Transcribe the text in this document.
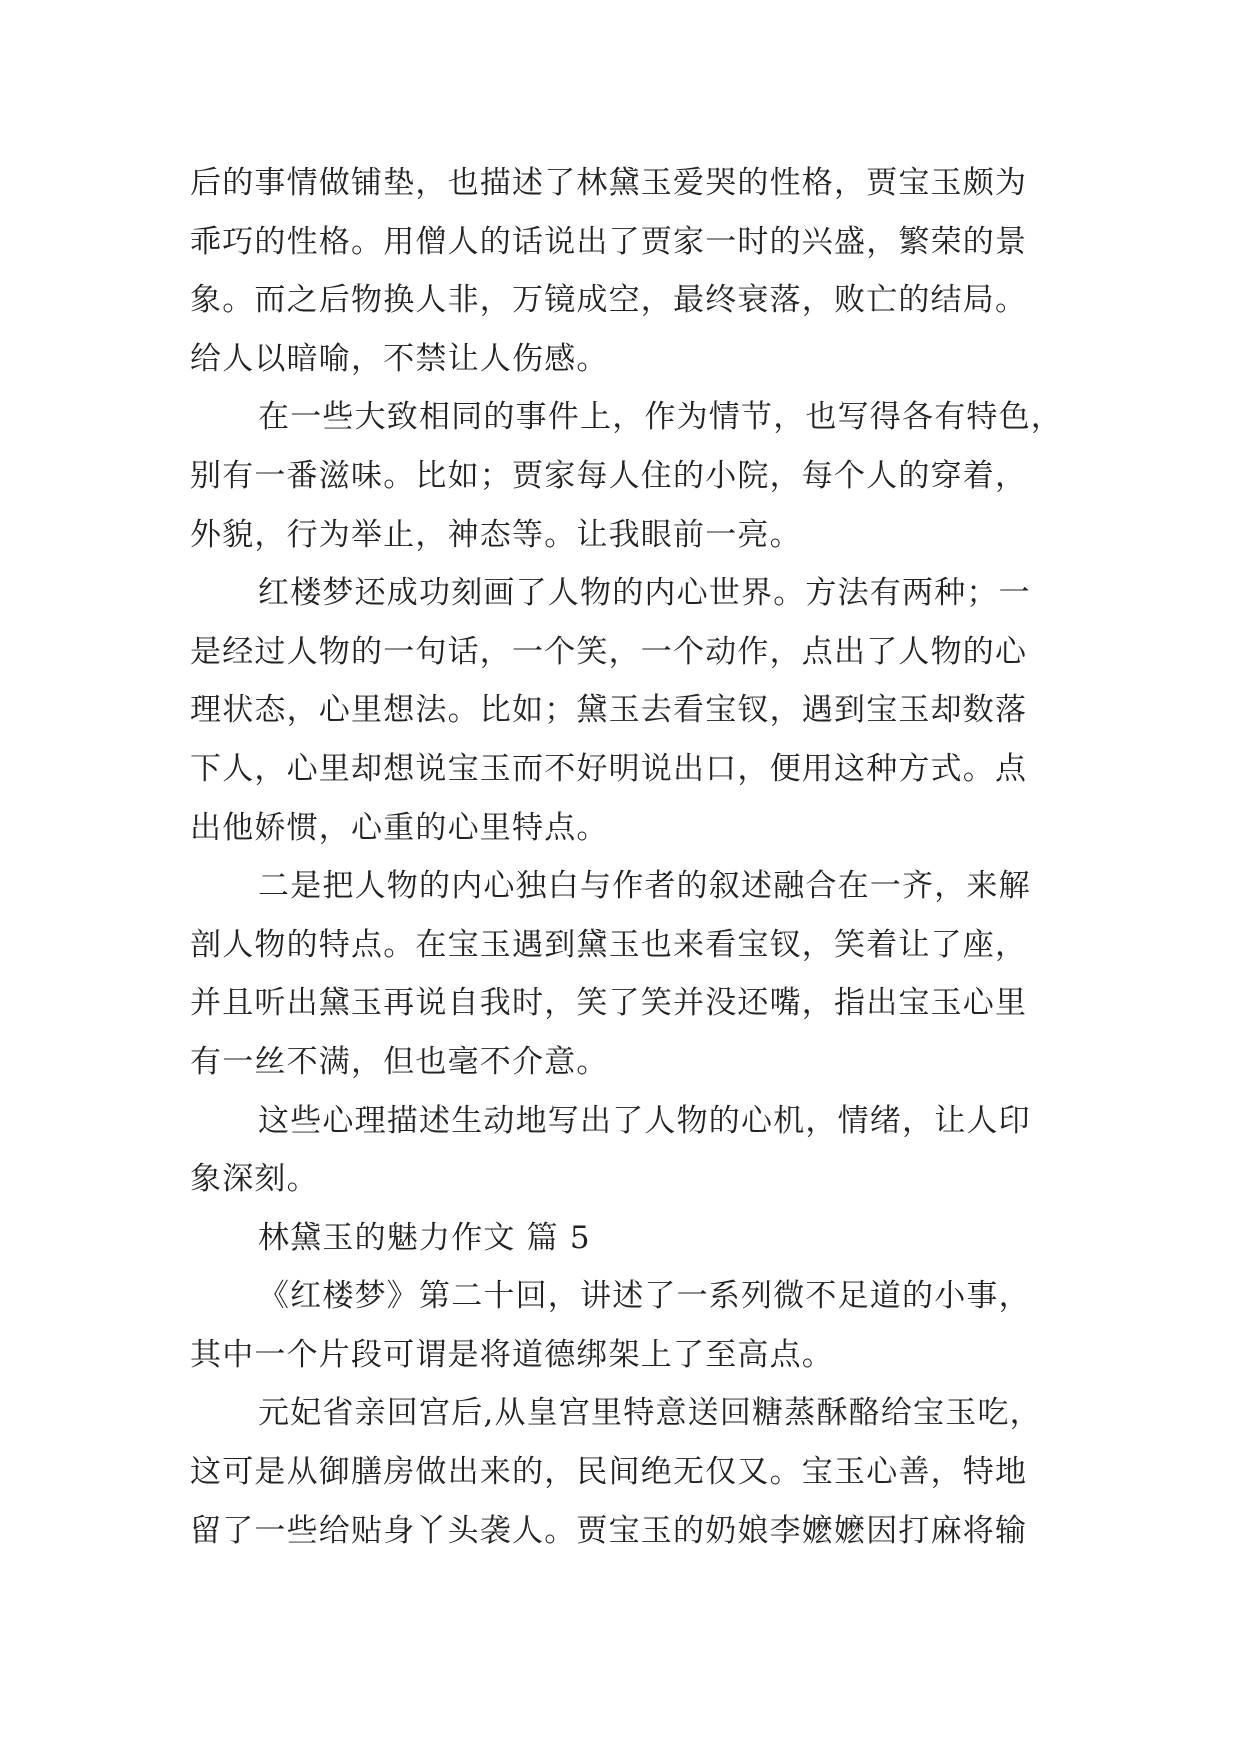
后的事情做铺垫，也描述了林黛玉爱哭的性格，贾宝玉颇为
乖巧的性格。用僧人的话说出了贾家一时的兴盛，繁荣的景
象。而之后物换人非，万镜成空，最终衰落，败亡的结局。
给人以暗喻，不禁让人伤感。
在一些大致相同的事件上，作为情节，也写得各有特色，
别有一番滋味。比如；贾家每人住的小院，每个人的穿着，
外貌，行为举止，神态等。让我眼前一亮。
红楼梦还成功刻画了人物的内心世界。方法有两种；一
是经过人物的一句话，一个笑，一个动作，点出了人物的心
理状态，心里想法。比如；黛玉去看宝钗，遇到宝玉却数落
下人，心里却想说宝玉而不好明说出口，便用这种方式。点
出他娇惯，心重的心里特点。
二是把人物的内心独白与作者的叙述融合在一齐，来解
剖人物的特点。在宝玉遇到黛玉也来看宝钗，笑着让了座，
并且听出黛玉再说自我时，笑了笑并没还嘴，指出宝玉心里
有一丝不满，但也毫不介意。
这些心理描述生动地写出了人物的心机，情绪，让人印
象深刻。
林黛玉的魅力作文 篇 5
《红楼梦》第二十回，讲述了一系列微不足道的小事，
其中一个片段可谓是将道德绑架上了至高点。
元妃省亲回宫后,从皇宫里特意送回糖蒸酥酪给宝玉吃，
这可是从御膳房做出来的，民间绝无仅又。宝玉心善，特地
留了一些给贴身丫头袭人。贾宝玉的奶娘李嬷嬷因打麻将输
